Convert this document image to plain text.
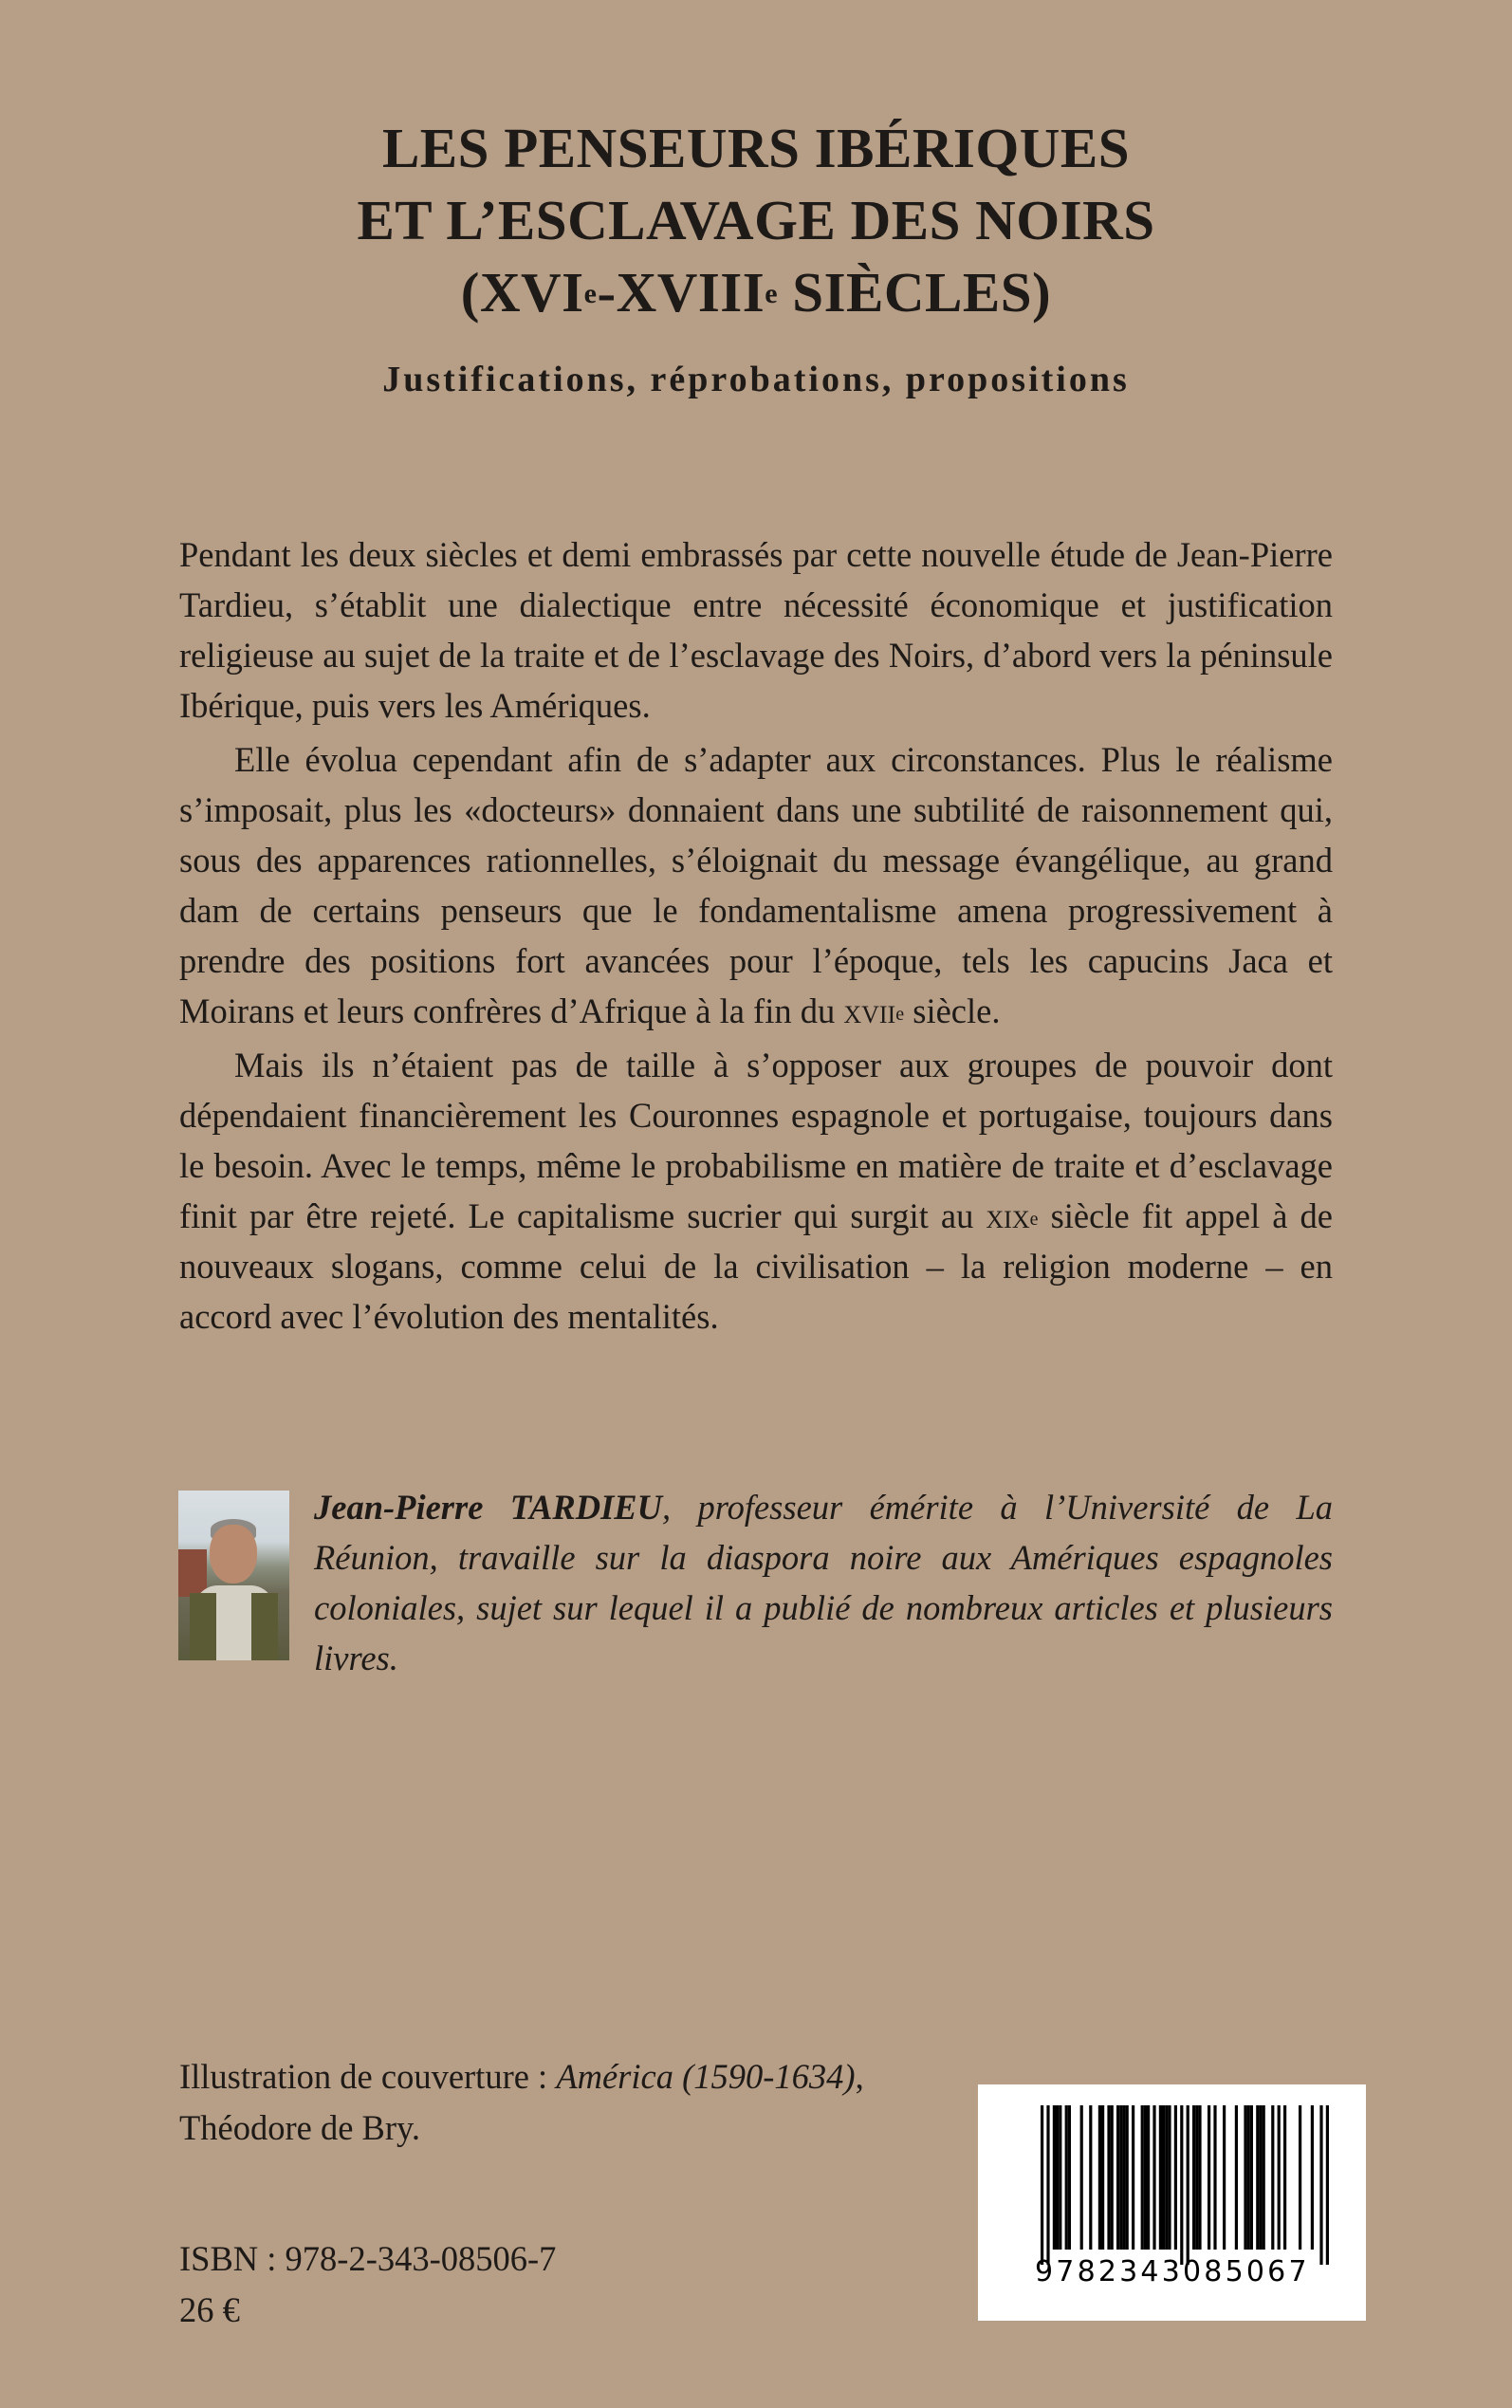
LES PENSEURS IBÉRIQUES
ET L’ESCLAVAGE DES NOIRS
(XVIe-XVIIIe SIÈCLES)
Justifications, réprobations, propositions

Pendant les deux siècles et demi embrassés par cette nouvelle étude de Jean-Pierre Tardieu, s’établit une dialectique entre nécessité économique et justification religieuse au sujet de la traite et de l’esclavage des Noirs, d’abord vers la péninsule Ibérique, puis vers les Amériques.

Elle évolua cependant afin de s’adapter aux circonstances. Plus le réalisme s’imposait, plus les «docteurs» donnaient dans une subtilité de raisonnement qui, sous des apparences rationnelles, s’éloignait du message évangélique, au grand dam de certains penseurs que le fondamentalisme amena progressivement à prendre des positions fort avancées pour l’époque, tels les capucins Jaca et Moirans et leurs confrères d’Afrique à la fin du xvii$^e$ siècle.

Mais ils n’étaient pas de taille à s’opposer aux groupes de pouvoir dont dépendaient financièrement les Couronnes espagnole et portugaise, toujours dans le besoin. Avec le temps, même le probabilisme en matière de traite et d’esclavage finit par être rejeté. Le capitalisme sucrier qui surgit au xix$^e$ siècle fit appel à de nouveaux slogans, comme celui de la civilisation – la religion moderne – en accord avec l’évolution des mentalités.

Jean-Pierre TARDIEU, professeur émérite à l’Université de La Réunion, travaille sur la diaspora noire aux Amériques espagnoles coloniales, sujet sur lequel il a publié de nombreux articles et plusieurs livres.
Illustration de couverture : América (1590-1634),
Théodore de Bry.
ISBN : 978-2-343-08506-7
26 €
9782343085067
